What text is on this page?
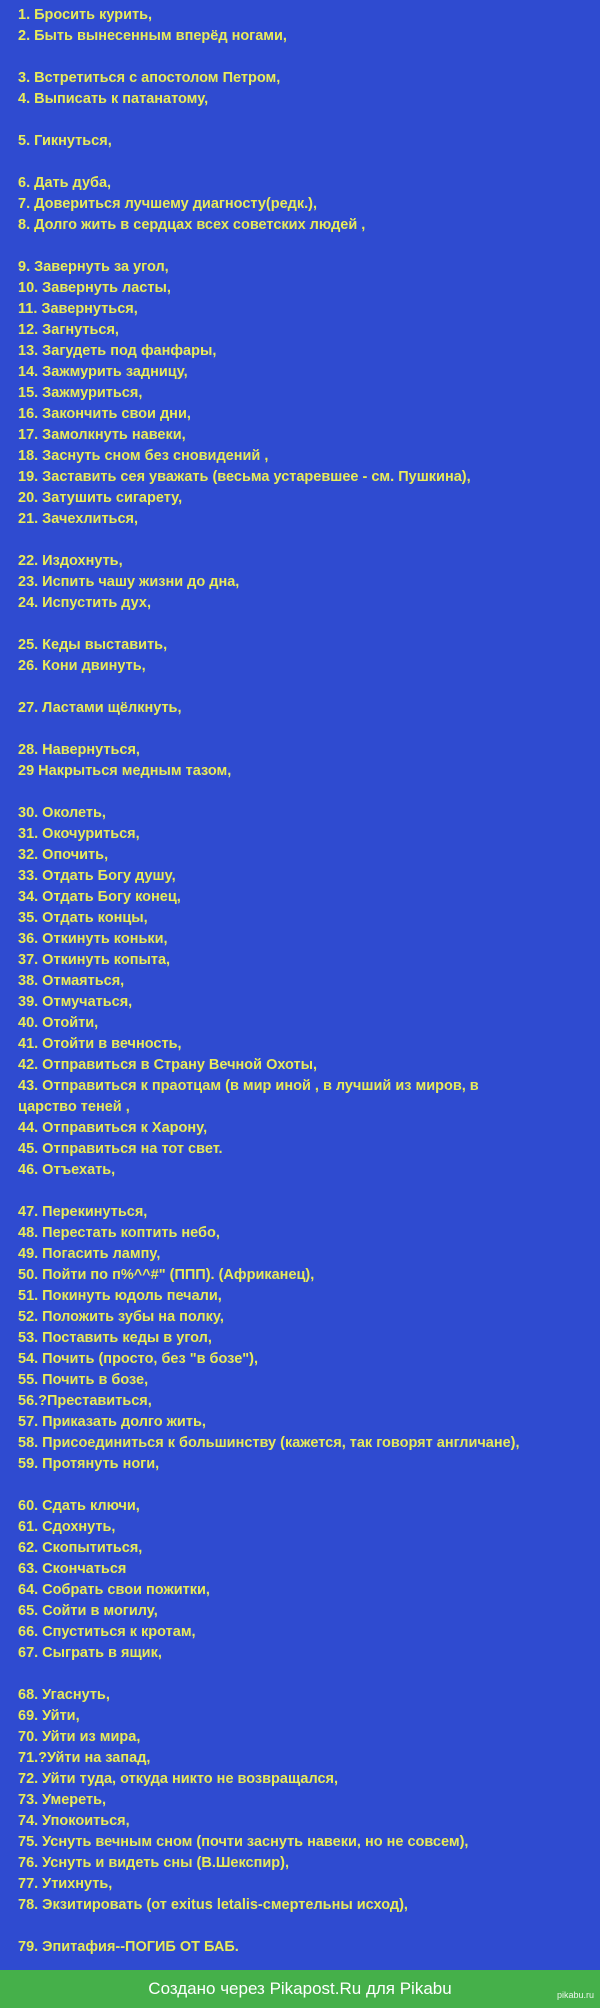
1. Бросить курить,
2. Быть вынесенным вперёд ногами,

3. Встретиться с апостолом Петром,
4. Выписать к патанатому,

5. Гикнуться,

6. Дать дуба,
7. Довериться лучшему диагносту(редк.),
8. Долго жить в сердцах всех советских людей ,

9. Завернуть за угол,
10. Завернуть ласты,
11. Завернуться,
12. Загнуться,
13. Загудеть под фанфары,
14. Зажмурить задницу,
15. Зажмуриться,
16. Закончить свои дни,
17. Замолкнуть навеки,
18. Заснуть сном без сновидений ,
19. Заставить сея уважать (весьма устаревшее - см. Пушкина),
20. Затушить сигарету,
21. Зачехлиться,

22. Издохнуть,
23. Испить чашу жизни до дна,
24. Испустить дух,

25. Кеды выставить,
26. Кони двинуть,

27. Ластами щёлкнуть,

28. Навернуться,
29 Накрыться медным тазом,

30. Околеть,
31. Окочуриться,
32. Опочить,
33. Отдать Богу душу,
34. Отдать Богу конец,
35. Отдать концы,
36. Откинуть коньки,
37. Откинуть копыта,
38. Отмаяться,
39. Отмучаться,
40. Отойти,
41. Отойти в вечность,
42. Отправиться в Страну Вечной Охоты,
43. Отправиться к праотцам (в мир иной , в лучший из миров, в
царство теней ,
44. Отправиться к Харону,
45. Отправиться на тот свет.
46. Отъехать,

47. Перекинуться,
48. Перестать коптить небо,
49. Погасить лампу,
50. Пойти по п%^^#" (ППП). (Африканец),
51. Покинуть юдоль печали,
52. Положить зубы на полку,
53. Поставить кеды в угол,
54. Почить (просто, без "в бозе"),
55. Почить в бозе,
56.?Преставиться,
57. Приказать долго жить,
58. Присоединиться к большинству (кажется, так говорят англичане),
59. Протянуть ноги,

60. Сдать ключи,
61. Сдохнуть,
62. Скопытиться,
63. Скончаться
64. Собрать свои пожитки,
65. Сойти в могилу,
66. Спуститься к кротам,
67. Сыграть в ящик,

68. Угаснуть,
69. Уйти,
70. Уйти из мира,
71.?Уйти на запад,
72. Уйти туда, откуда никто не возвращался,
73. Умереть,
74. Упокоиться,
75. Уснуть вечным сном (почти заснуть навеки, но не совсем),
76. Уснуть и видеть сны (В.Шекспир),
77. Утихнуть,
78. Экзитировать (от exitus letalis-смертельны исход),

79. Эпитафия--ПОГИБ ОТ БАБ.
Создано через Pikapost.Ru для Pikabu	pikabu.ru
